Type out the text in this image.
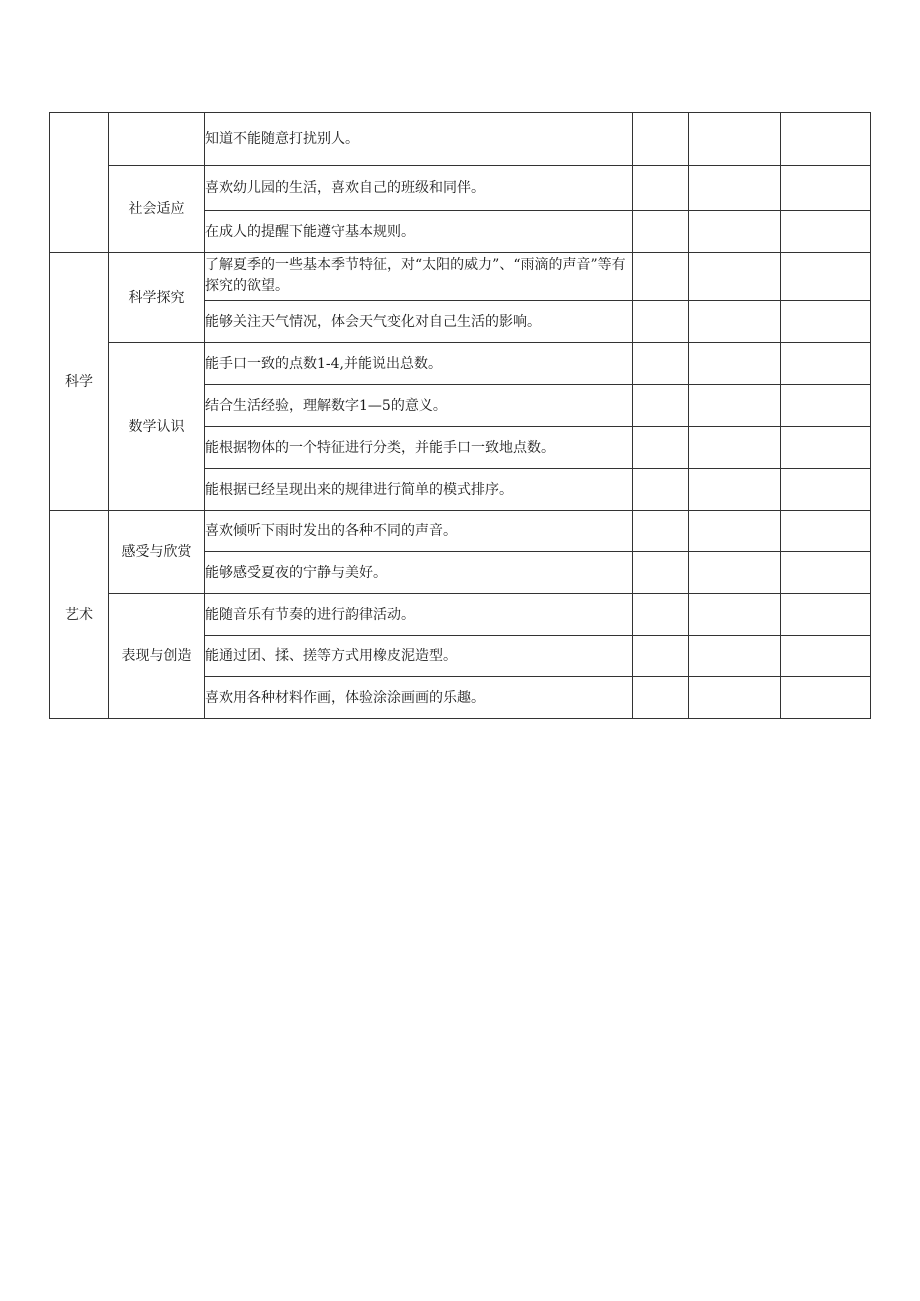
		知道不能随意打扰别人。			
	社会适应	喜欢幼儿园的生活，喜欢自己的班级和同伴。			
		在成人的提醒下能遵守基本规则。			
科学	科学探究	了解夏季的一些基本季节特征，对“太阳的威力”、“雨滴的声音”等有探究的欲望。			
		能够关注天气情况，体会天气变化对自己生活的影响。			
	数学认识	能手口一致的点数1-4,并能说出总数。			
		结合生活经验，理解数字1—5的意义。			
		能根据物体的一个特征进行分类，并能手口一致地点数。			
		能根据已经呈现出来的规律进行简单的模式排序。			
艺术	感受与欣赏	喜欢倾听下雨时发出的各种不同的声音。			
		能够感受夏夜的宁静与美好。			
	表现与创造	能随音乐有节奏的进行韵律活动。			
		能通过团、揉、搓等方式用橡皮泥造型。			
		喜欢用各种材料作画，体验涂涂画画的乐趣。			
